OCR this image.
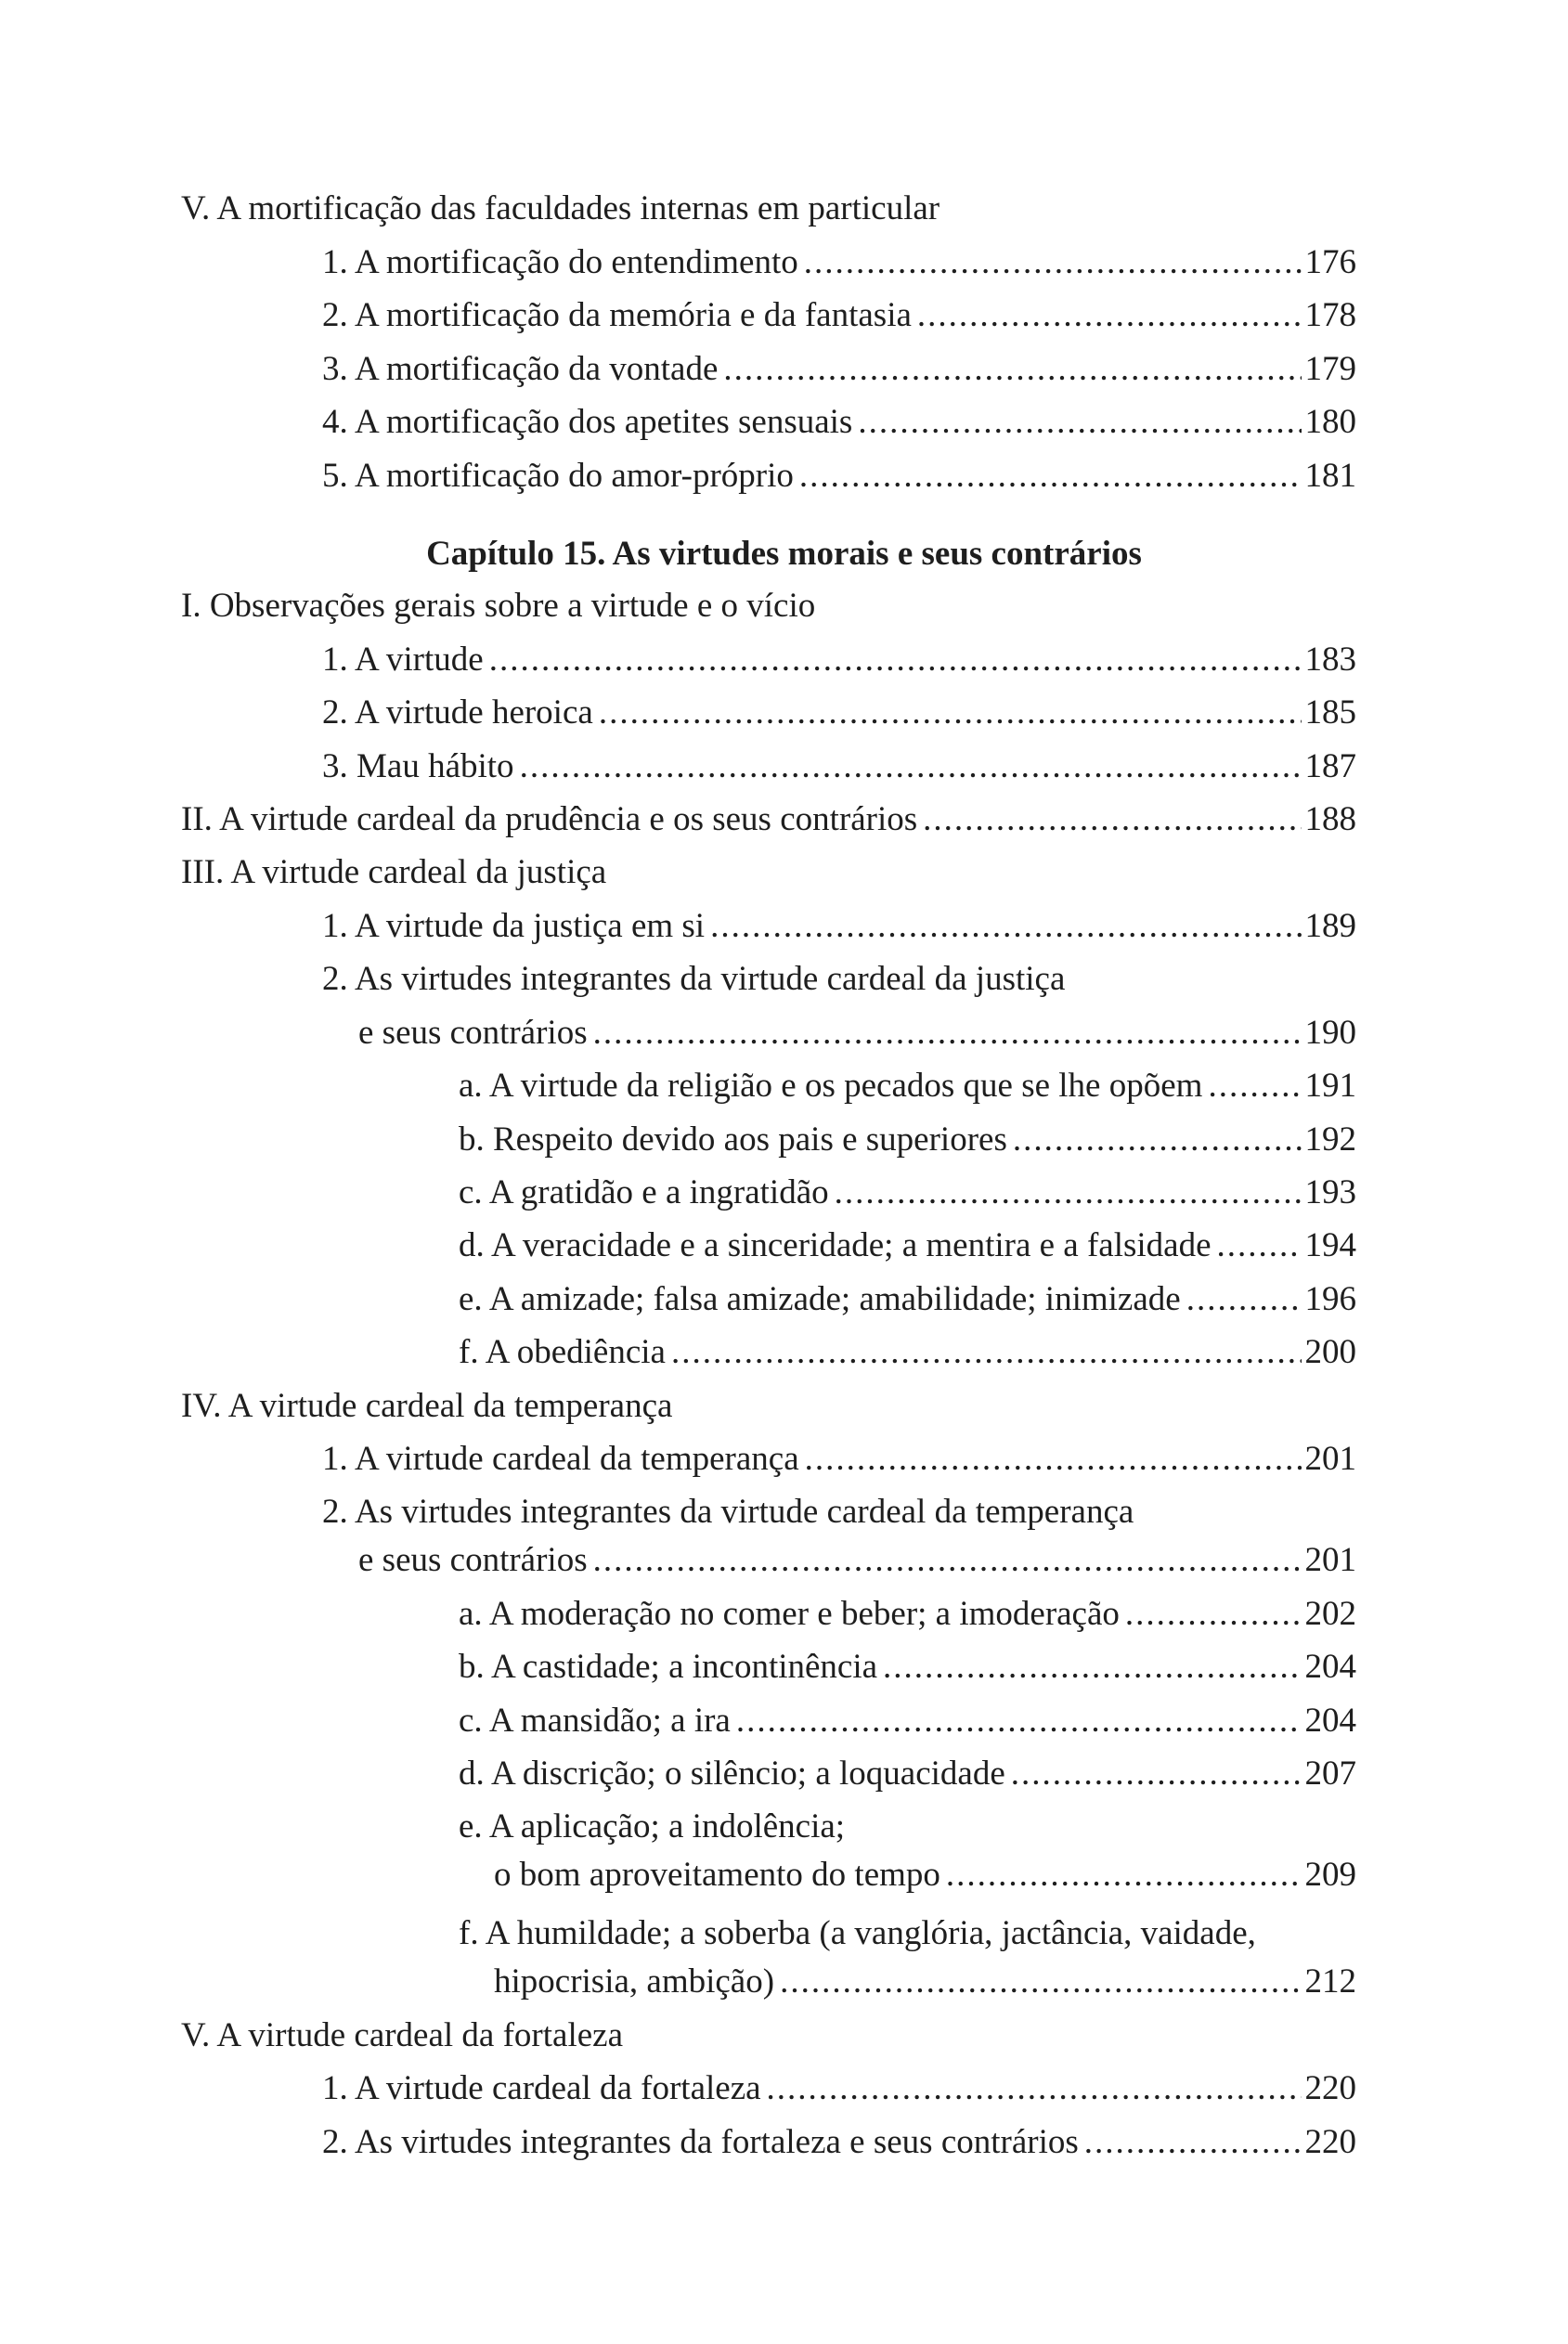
V. A mortificação das faculdades internas em particular
1. A mortificação do entendimento .....	176
2. A mortificação da memória e da fantasia .....	178
3. A mortificação da vontade .....	179
4. A mortificação dos apetites sensuais .....	180
5. A mortificação do amor-próprio .....	181
Capítulo 15. As virtudes morais e seus contrários
I. Observações gerais sobre a virtude e o vício
1. A virtude .....	183
2. A virtude heroica .....	185
3. Mau hábito .....	187
II. A virtude cardeal da prudência e os seus contrários .....	188
III. A virtude cardeal da justiça
1. A virtude da justiça em si .....	189
2. As virtudes integrantes da virtude cardeal da justiça
e seus contrários .....	190
a. A virtude da religião e os pecados que se lhe opõem .....	191
b. Respeito devido aos pais e superiores .....	192
c. A gratidão e a ingratidão .....	193
d. A veracidade e a sinceridade; a mentira e a falsidade .....	194
e. A amizade; falsa amizade; amabilidade; inimizade .....	196
f. A obediência .....	200
IV. A virtude cardeal da temperança
1. A virtude cardeal da temperança .....	201
2. As virtudes integrantes da virtude cardeal da temperança
e seus contrários .....	201
a. A moderação no comer e beber; a imoderação .....	202
b. A castidade; a incontinência .....	204
c. A mansidão; a ira .....	204
d. A discrição; o silêncio; a loquacidade .....	207
e. A aplicação; a indolência;
o bom aproveitamento do tempo .....	209
f. A humildade; a soberba (a vanglória, jactância, vaidade,
hipocrisia, ambição) .....	212
V. A virtude cardeal da fortaleza
1. A virtude cardeal da fortaleza .....	220
2. As virtudes integrantes da fortaleza e seus contrários .....	220
